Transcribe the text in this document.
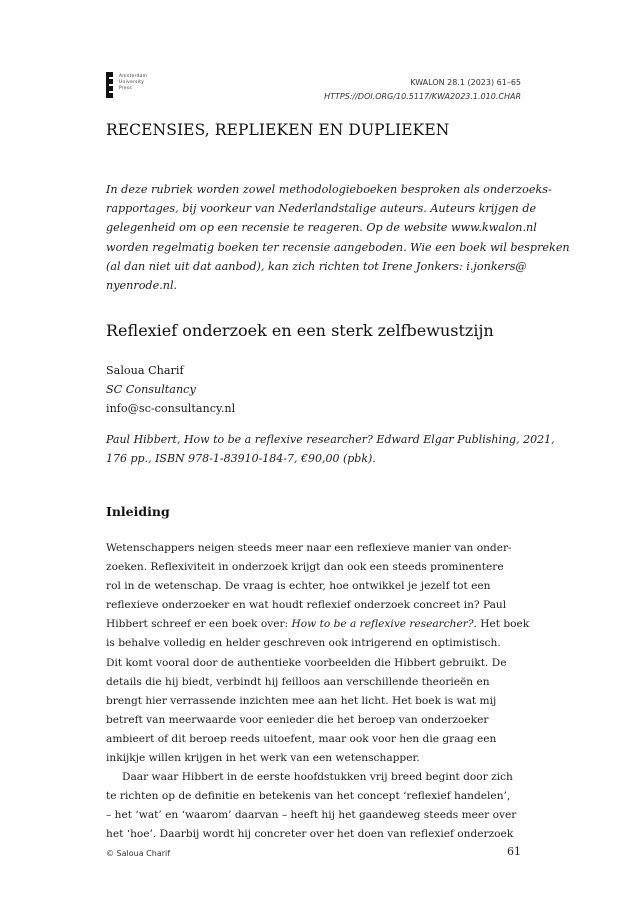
Amsterdam
University
Press
KWALON 28.1 (2023) 61–65
HTTPS://DOI.ORG/10.5117/KWA2023.1.010.CHAR
RECENSIES, REPLIEKEN EN DUPLIEKEN
In deze rubriek worden zowel methodologieboeken besproken als onderzoeks-
rapportages, bij voorkeur van Nederlandstalige auteurs. Auteurs krijgen de
gelegenheid om op een recensie te reageren. Op de website www.kwalon.nl
worden regelmatig boeken ter recensie aangeboden. Wie een boek wil bespreken
(al dan niet uit dat aanbod), kan zich richten tot Irene Jonkers: i.jonkers@
nyenrode.nl.
Reflexief onderzoek en een sterk zelfbewustzijn
Saloua Charif
SC Consultancy
info@sc-consultancy.nl
Paul Hibbert, How to be a reflexive researcher? Edward Elgar Publishing, 2021,
176 pp., ISBN 978-1-83910-184-7, €90,00 (pbk).
Inleiding
Wetenschappers neigen steeds meer naar een reflexieve manier van onder-
zoeken. Reflexiviteit in onderzoek krijgt dan ook een steeds prominentere
rol in de wetenschap. De vraag is echter, hoe ontwikkel je jezelf tot een
reflexieve onderzoeker en wat houdt reflexief onderzoek concreet in? Paul
Hibbert schreef er een boek over: How to be a reflexive researcher?. Het boek
is behalve volledig en helder geschreven ook intrigerend en optimistisch.
Dit komt vooral door de authentieke voorbeelden die Hibbert gebruikt. De
details die hij biedt, verbindt hij feilloos aan verschillende theorieën en
brengt hier verrassende inzichten mee aan het licht. Het boek is wat mij
betreft van meerwaarde voor eenieder die het beroep van onderzoeker
ambieert of dit beroep reeds uitoefent, maar ook voor hen die graag een
inkijkje willen krijgen in het werk van een wetenschapper.
Daar waar Hibbert in de eerste hoofdstukken vrij breed begint door zich
te richten op de definitie en betekenis van het concept ‘reflexief handelen’,
– het ‘wat’ en ‘waarom’ daarvan – heeft hij het gaandeweg steeds meer over
het ‘hoe’. Daarbij wordt hij concreter over het doen van reflexief onderzoek
© Saloua Charif	61
